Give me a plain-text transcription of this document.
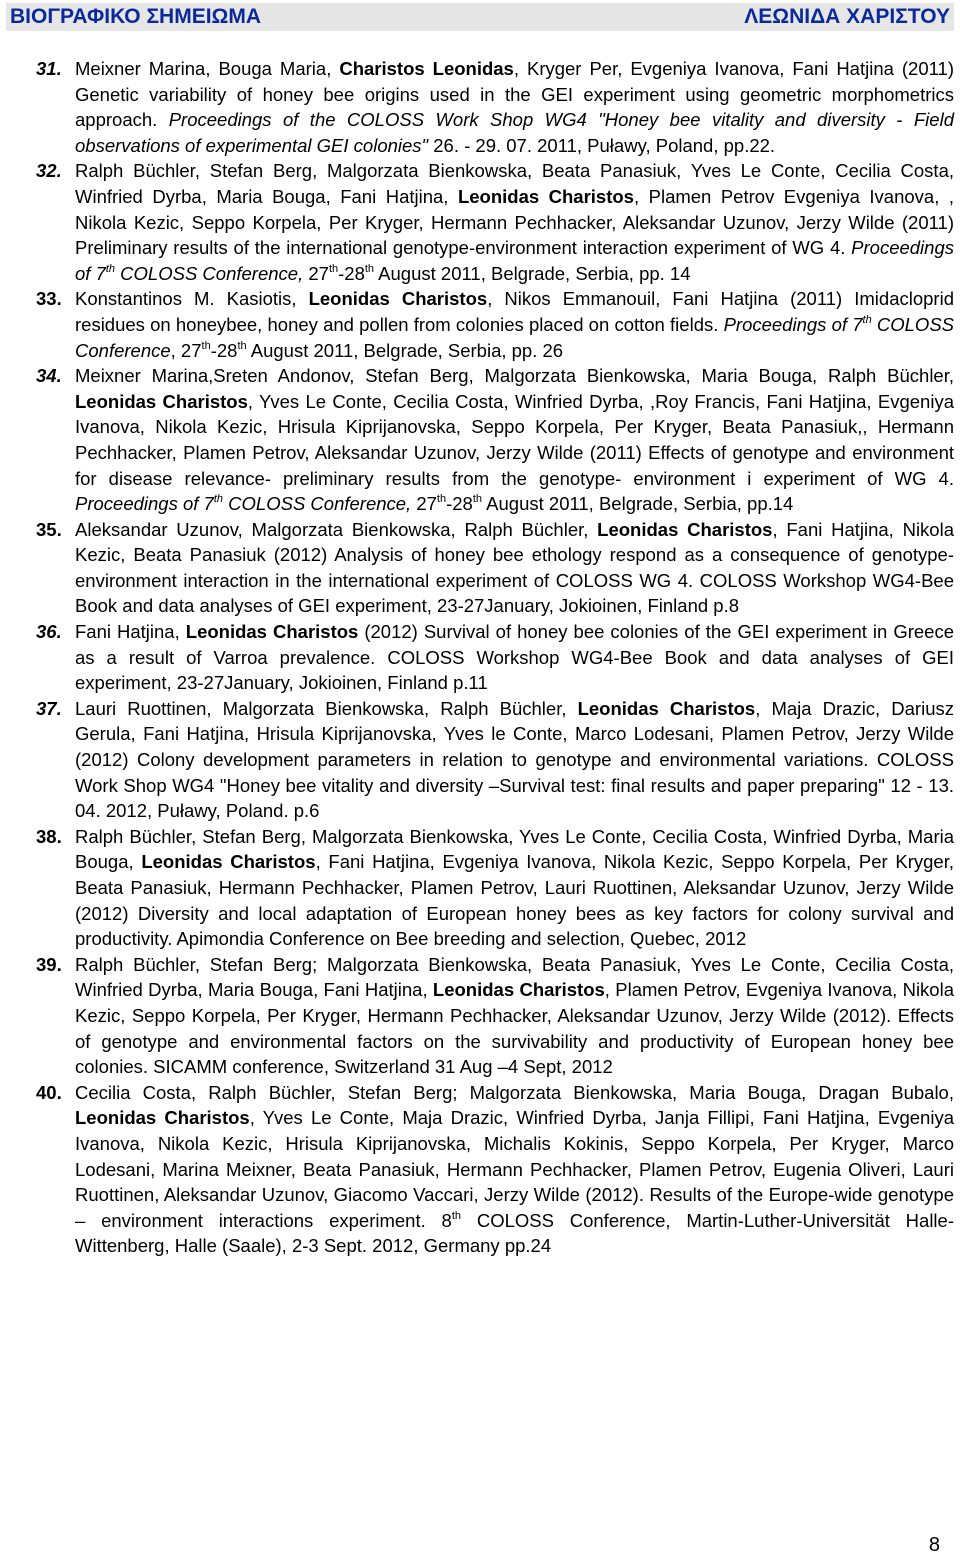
ΒΙΟΓΡΑΦΙΚΟ ΣΗΜΕΙΩΜΑ	ΛΕΩΝΙΔΑ ΧΑΡΙΣΤΟΥ
31. Meixner Marina, Bouga Maria, Charistos Leonidas, Kryger Per, Evgeniya Ivanova, Fani Hatjina (2011) Genetic variability of honey bee origins used in the GEI experiment using geometric morphometrics approach. Proceedings of the COLOSS Work Shop WG4 "Honey bee vitality and diversity - Field observations of experimental GEI colonies" 26. - 29. 07. 2011, Puławy, Poland, pp.22.
32. Ralph Büchler, Stefan Berg, Malgorzata Bienkowska, Beata Panasiuk, Yves Le Conte, Cecilia Costa, Winfried Dyrba, Maria Bouga, Fani Hatjina, Leonidas Charistos, Plamen Petrov Evgeniya Ivanova, , Nikola Kezic, Seppo Korpela, Per Kryger, Hermann Pechhacker, Aleksandar Uzunov, Jerzy Wilde (2011) Preliminary results of the international genotype-environment interaction experiment of WG 4. Proceedings of 7th COLOSS Conference, 27th-28th August 2011, Belgrade, Serbia, pp. 14
33. Konstantinos M. Kasiotis, Leonidas Charistos, Nikos Emmanouil, Fani Hatjina (2011) Imidacloprid residues on honeybee, honey and pollen from colonies placed on cotton fields. Proceedings of 7th COLOSS Conference, 27th-28th August 2011, Belgrade, Serbia, pp. 26
34. Meixner Marina,Sreten Andonov, Stefan Berg, Malgorzata Bienkowska, Maria Bouga, Ralph Büchler, Leonidas Charistos, Yves Le Conte, Cecilia Costa, Winfried Dyrba, ,Roy Francis, Fani Hatjina, Evgeniya Ivanova, Nikola Kezic, Hrisula Kiprijanovska, Seppo Korpela, Per Kryger, Beata Panasiuk,, Hermann Pechhacker, Plamen Petrov, Aleksandar Uzunov, Jerzy Wilde (2011) Effects of genotype and environment for disease relevance- preliminary results from the genotype- environment i experiment of WG 4. Proceedings of 7th COLOSS Conference, 27th-28th August 2011, Belgrade, Serbia, pp.14
35. Aleksandar Uzunov, Malgorzata Bienkowska, Ralph Büchler, Leonidas Charistos, Fani Hatjina, Nikola Kezic, Beata Panasiuk (2012) Analysis of honey bee ethology respond as a consequence of genotype-environment interaction in the international experiment of COLOSS WG 4. COLOSS Workshop WG4-Bee Book and data analyses of GEI experiment, 23-27January, Jokioinen, Finland p.8
36. Fani Hatjina, Leonidas Charistos (2012) Survival of honey bee colonies of the GEI experiment in Greece as a result of Varroa prevalence. COLOSS Workshop WG4-Bee Book and data analyses of GEI experiment, 23-27January, Jokioinen, Finland p.11
37. Lauri Ruottinen, Malgorzata Bienkowska, Ralph Büchler, Leonidas Charistos, Maja Drazic, Dariusz Gerula, Fani Hatjina, Hrisula Kiprijanovska, Yves le Conte, Marco Lodesani, Plamen Petrov, Jerzy Wilde (2012) Colony development parameters in relation to genotype and environmental variations. COLOSS Work Shop WG4 "Honey bee vitality and diversity –Survival test: final results and paper preparing" 12 - 13. 04. 2012, Puławy, Poland. p.6
38. Ralph Büchler, Stefan Berg, Malgorzata Bienkowska, Yves Le Conte, Cecilia Costa, Winfried Dyrba, Maria Bouga, Leonidas Charistos, Fani Hatjina, Evgeniya Ivanova, Nikola Kezic, Seppo Korpela, Per Kryger, Beata Panasiuk, Hermann Pechhacker, Plamen Petrov, Lauri Ruottinen, Aleksandar Uzunov, Jerzy Wilde (2012) Diversity and local adaptation of European honey bees as key factors for colony survival and productivity. Apimondia Conference on Bee breeding and selection, Quebec, 2012
39. Ralph Büchler, Stefan Berg; Malgorzata Bienkowska, Beata Panasiuk, Yves Le Conte, Cecilia Costa, Winfried Dyrba, Maria Bouga, Fani Hatjina, Leonidas Charistos, Plamen Petrov, Evgeniya Ivanova, Nikola Kezic, Seppo Korpela, Per Kryger, Hermann Pechhacker, Aleksandar Uzunov, Jerzy Wilde (2012). Effects of genotype and environmental factors on the survivability and productivity of European honey bee colonies. SICAMM conference, Switzerland 31 Aug –4 Sept, 2012
40. Cecilia Costa, Ralph Büchler, Stefan Berg; Malgorzata Bienkowska, Maria Bouga, Dragan Bubalo, Leonidas Charistos, Yves Le Conte, Maja Drazic, Winfried Dyrba, Janja Fillipi, Fani Hatjina, Evgeniya Ivanova, Nikola Kezic, Hrisula Kiprijanovska, Michalis Kokinis, Seppo Korpela, Per Kryger, Marco Lodesani, Marina Meixner, Beata Panasiuk, Hermann Pechhacker, Plamen Petrov, Eugenia Oliveri, Lauri Ruottinen, Aleksandar Uzunov, Giacomo Vaccari, Jerzy Wilde (2012). Results of the Europe-wide genotype – environment interactions experiment. 8th COLOSS Conference, Martin-Luther-Universität Halle-Wittenberg, Halle (Saale), 2-3 Sept. 2012, Germany pp.24
8
